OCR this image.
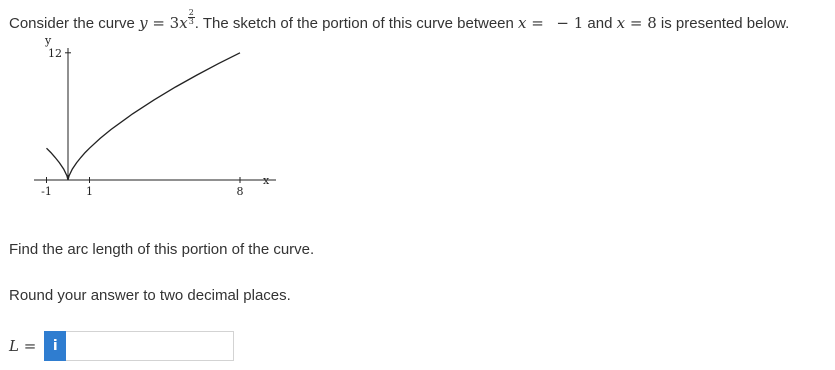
Consider the curve $y = 3x \frac{2}{3}$ . The sketch of the portion of this curve between x =   − 1 and x = 8 is presented below.
y
x
-1	1	8
12
Find the arc length of this portion of the curve.
Round your answer to two decimal places.
L =	i
